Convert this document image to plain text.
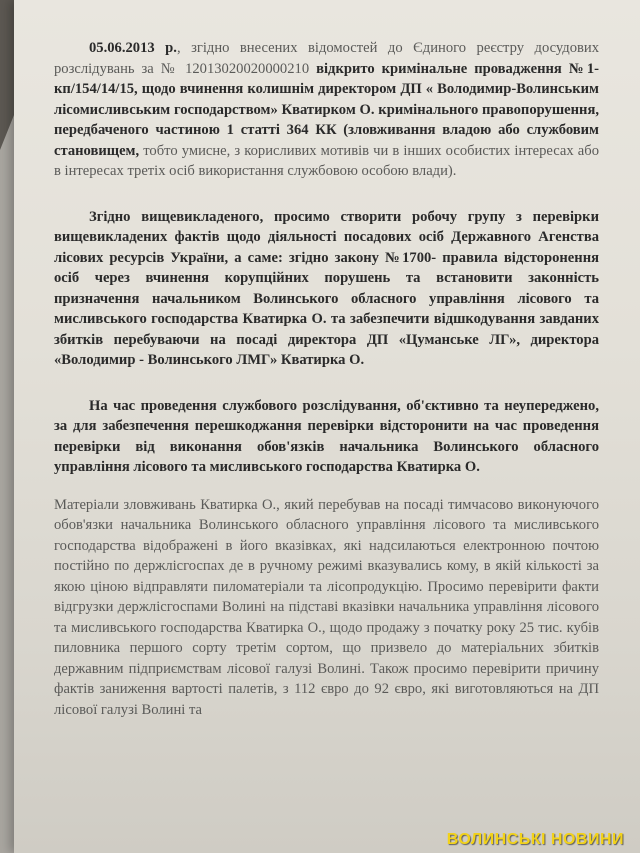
05.06.2013 р., згідно внесених відомостей до Єдиного реєстру досудових розслідувань за № 12013020020000210 відкрито кримінальне провадження №1-кп/154/14/15, щодо вчинення колишнім директором ДП « Володимир-Волинським лісомисливським господарством» Кватирком О. кримінального правопорушення, передбаченого частиною 1 статті 364 КК (зловживання владою або службовим становищем, тобто умисне, з корисливих мотивів чи в інших особистих інтересах або в інтересах третіх осіб використання службовою особою влади).

Згідно вищевикладеного, просимо створити робочу групу з перевірки вищевикладених фактів щодо діяльності посадових осіб Державного Агенства лісових ресурсів України, а саме: згідно закону №1700- правила відсторонення осіб через вчинення корупційних порушень та встановити законність призначення начальником Волинського обласного управління лісового та мисливського господарства Кватирка О. та забезпечити відшкодування завданих збитків перебуваючи на посаді директора ДП «Цуманське ЛГ», директора «Володимир - Волинського ЛМГ» Кватирка О.

На час проведення службового розслідування, об'єктивно та неупереджено, за для забезпечення перешкоджання перевірки відсторонити на час проведення перевірки від виконання обов'язків начальника Волинського обласного управління лісового та мисливського господарства Кватирка О.

Матеріали зловживань Кватирка О., який перебував на посаді тимчасово виконуючого обов'язки начальника Волинського обласного управління лісового та мисливського господарства відображені в його вказівках, які надсилаються електронною почтою постійно по держлісгоспах де в ручному режимі вказувались кому, в якій кількості за якою ціною відправляти пиломатеріали та лісопродукцію. Просимо перевірити факти відгрузки держлісгоспами Волині на підставі вказівки начальника управління лісового та мисливського господарства Кватирка О., щодо продажу з початку року 25 тис. кубів пиловника першого сорту третім сортом, що призвело до матеріальних збитків державним підприємствам лісової галузі Волині. Також просимо перевірити причину фактів заниження вартості палетів, з 112 євро до 92 євро, які виготовляються на ДП лісової галузі Волині та

ВОЛИНСЬКІ НОВИНИ
